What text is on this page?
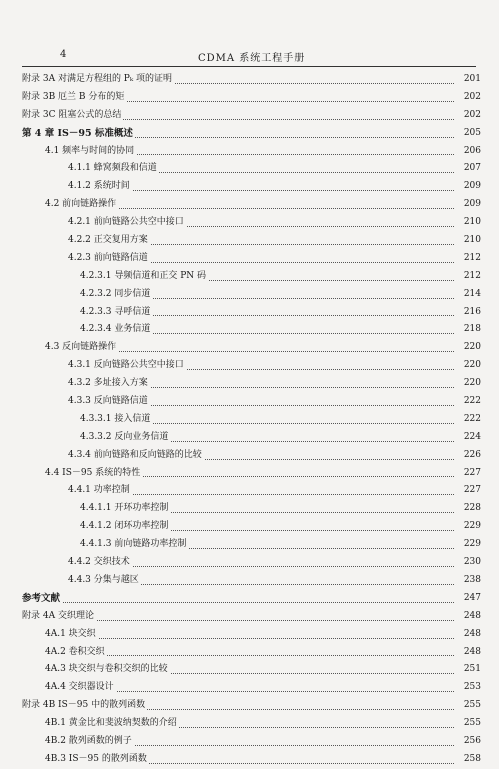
4	CDMA 系统工程手册
附录 3A 对满足方程组的 Pₖ 项的证明	201
附录 3B 厄兰 B 分布的矩	202
附录 3C 阻塞公式的总结	202
第 4 章 IS－95 标准概述	205
4.1 频率与时间的协同	206
4.1.1 蜂窝频段和信道	207
4.1.2 系统时间	209
4.2 前向链路操作	209
4.2.1 前向链路公共空中接口	210
4.2.2 正交复用方案	210
4.2.3 前向链路信道	212
4.2.3.1 导频信道和正交 PN 码	212
4.2.3.2 同步信道	214
4.2.3.3 寻呼信道	216
4.2.3.4 业务信道	218
4.3 反向链路操作	220
4.3.1 反向链路公共空中接口	220
4.3.2 多址接入方案	220
4.3.3 反向链路信道	222
4.3.3.1 接入信道	222
4.3.3.2 反向业务信道	224
4.3.4 前向链路和反向链路的比较	226
4.4 IS－95 系统的特性	227
4.4.1 功率控制	227
4.4.1.1 开环功率控制	228
4.4.1.2 闭环功率控制	229
4.4.1.3 前向链路功率控制	229
4.4.2 交织技术	230
4.4.3 分集与越区	238
参考文献	247
附录 4A 交织理论	248
4A.1 块交织	248
4A.2 卷积交织	248
4A.3 块交织与卷积交织的比较	251
4A.4 交织器设计	253
附录 4B IS－95 中的散列函数	255
4B.1 黄金比和斐波纳契数的介绍	255
4B.2 散列函数的例子	256
4B.3 IS－95 的散列函数	258
